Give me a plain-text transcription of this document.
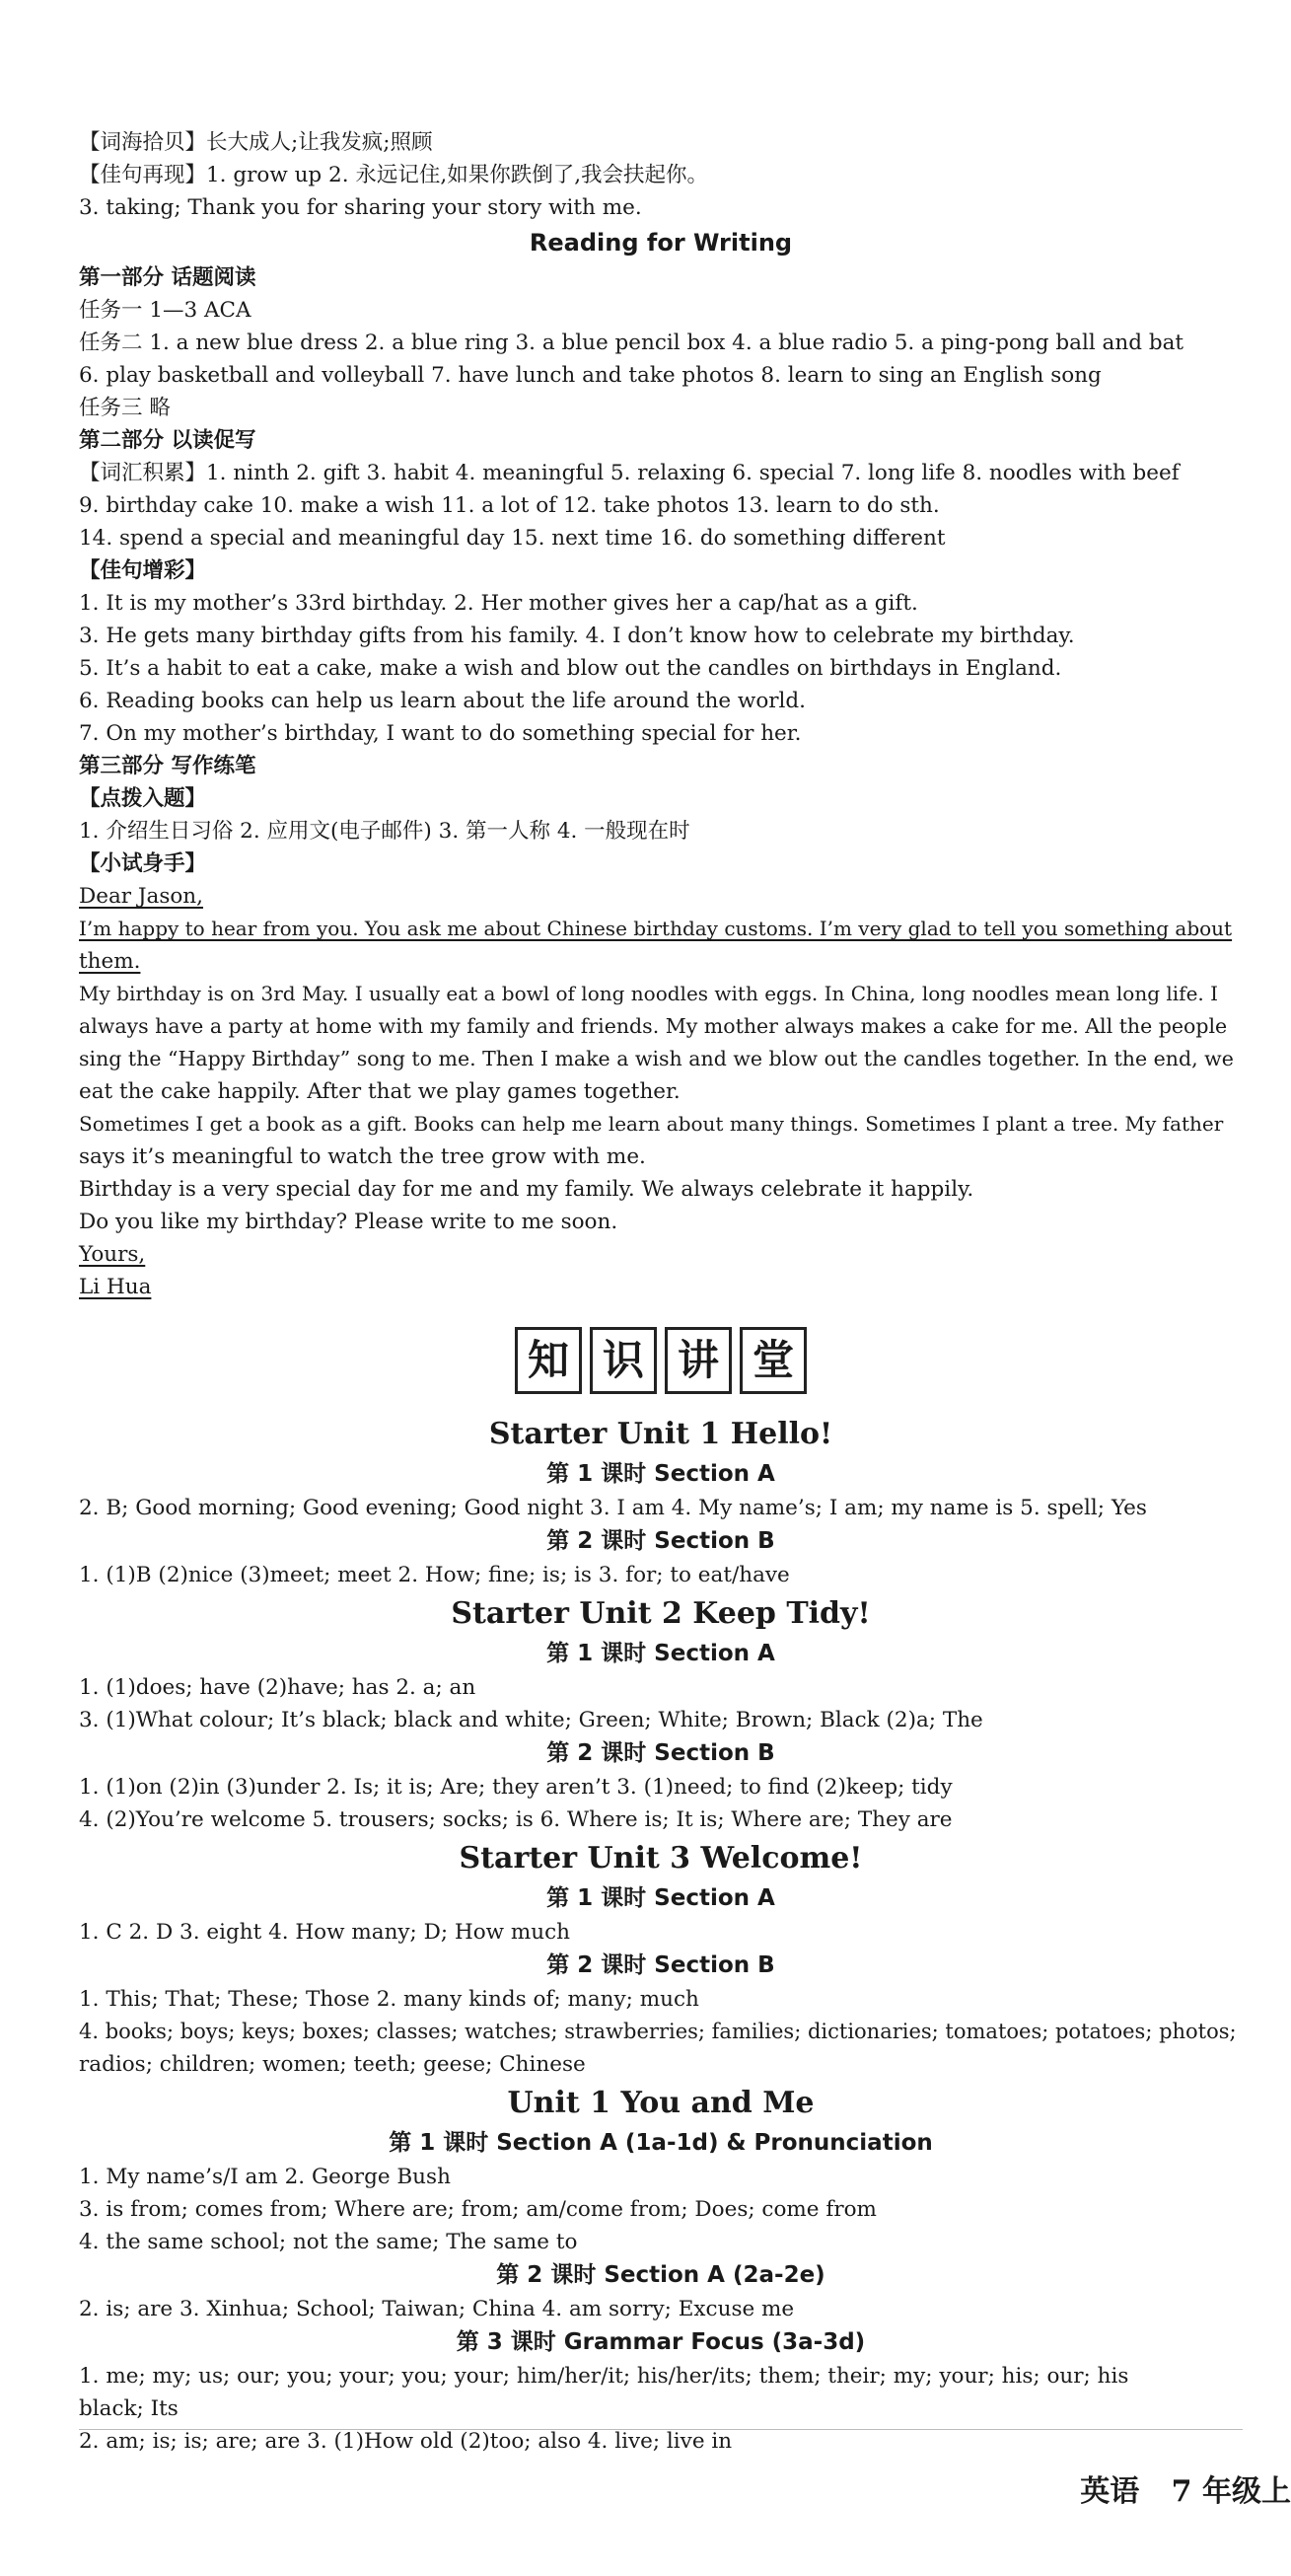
【词海拾贝】长大成人;让我发疯;照顾
【佳句再现】1. grow up 2. 永远记住,如果你跌倒了,我会扶起你。
3. taking; Thank you for sharing your story with me.
Reading for Writing
第一部分 话题阅读
任务一 1—3 ACA
任务二 1. a new blue dress 2. a blue ring 3. a blue pencil box 4. a blue radio 5. a ping-pong ball and bat
6. play basketball and volleyball 7. have lunch and take photos 8. learn to sing an English song
任务三 略
第二部分 以读促写
【词汇积累】1. ninth 2. gift 3. habit 4. meaningful 5. relaxing 6. special 7. long life 8. noodles with beef
9. birthday cake 10. make a wish 11. a lot of 12. take photos 13. learn to do sth.
14. spend a special and meaningful day 15. next time 16. do something different
【佳句增彩】
1. It is my mother’s 33rd birthday. 2. Her mother gives her a cap/hat as a gift.
3. He gets many birthday gifts from his family. 4. I don’t know how to celebrate my birthday.
5. It’s a habit to eat a cake, make a wish and blow out the candles on birthdays in England.
6. Reading books can help us learn about the life around the world.
7. On my mother’s birthday, I want to do something special for her.
第三部分 写作练笔
【点拨入题】
1. 介绍生日习俗 2. 应用文(电子邮件) 3. 第一人称 4. 一般现在时
【小试身手】
Dear Jason,
I’m happy to hear from you. You ask me about Chinese birthday customs. I’m very glad to tell you something about
them.
My birthday is on 3rd May. I usually eat a bowl of long noodles with eggs. In China, long noodles mean long life. I
always have a party at home with my family and friends. My mother always makes a cake for me. All the people
sing the “Happy Birthday” song to me. Then I make a wish and we blow out the candles together. In the end, we
eat the cake happily. After that we play games together.
Sometimes I get a book as a gift. Books can help me learn about many things. Sometimes I plant a tree. My father
says it’s meaningful to watch the tree grow with me.
Birthday is a very special day for me and my family. We always celebrate it happily.
Do you like my birthday? Please write to me soon.
Yours,
Li Hua
知 识 讲 堂
Starter Unit 1 Hello!
第 1 课时 Section A
2. B; Good morning; Good evening; Good night 3. I am 4. My name’s; I am; my name is 5. spell; Yes
第 2 课时 Section B
1. (1)B (2)nice (3)meet; meet 2. How; fine; is; is 3. for; to eat/have
Starter Unit 2 Keep Tidy!
第 1 课时 Section A
1. (1)does; have (2)have; has 2. a; an
3. (1)What colour; It’s black; black and white; Green; White; Brown; Black (2)a; The
第 2 课时 Section B
1. (1)on (2)in (3)under 2. Is; it is; Are; they aren’t 3. (1)need; to find (2)keep; tidy
4. (2)You’re welcome 5. trousers; socks; is 6. Where is; It is; Where are; They are
Starter Unit 3 Welcome!
第 1 课时 Section A
1. C 2. D 3. eight 4. How many; D; How much
第 2 课时 Section B
1. This; That; These; Those 2. many kinds of; many; much
4. books; boys; keys; boxes; classes; watches; strawberries; families; dictionaries; tomatoes; potatoes; photos;
radios; children; women; teeth; geese; Chinese
Unit 1 You and Me
第 1 课时 Section A (1a-1d) & Pronunciation
1. My name’s/I am 2. George Bush
3. is from; comes from; Where are; from; am/come from; Does; come from
4. the same school; not the same; The same to
第 2 课时 Section A (2a-2e)
2. is; are 3. Xinhua; School; Taiwan; China 4. am sorry; Excuse me
第 3 课时 Grammar Focus (3a-3d)
1. me; my; us; our; you; your; you; your; him/her/it; his/her/its; them; their; my; your; his; our; his
black; Its
2. am; is; is; are; are 3. (1)How old (2)too; also 4. live; live in
英语 7 年级上
